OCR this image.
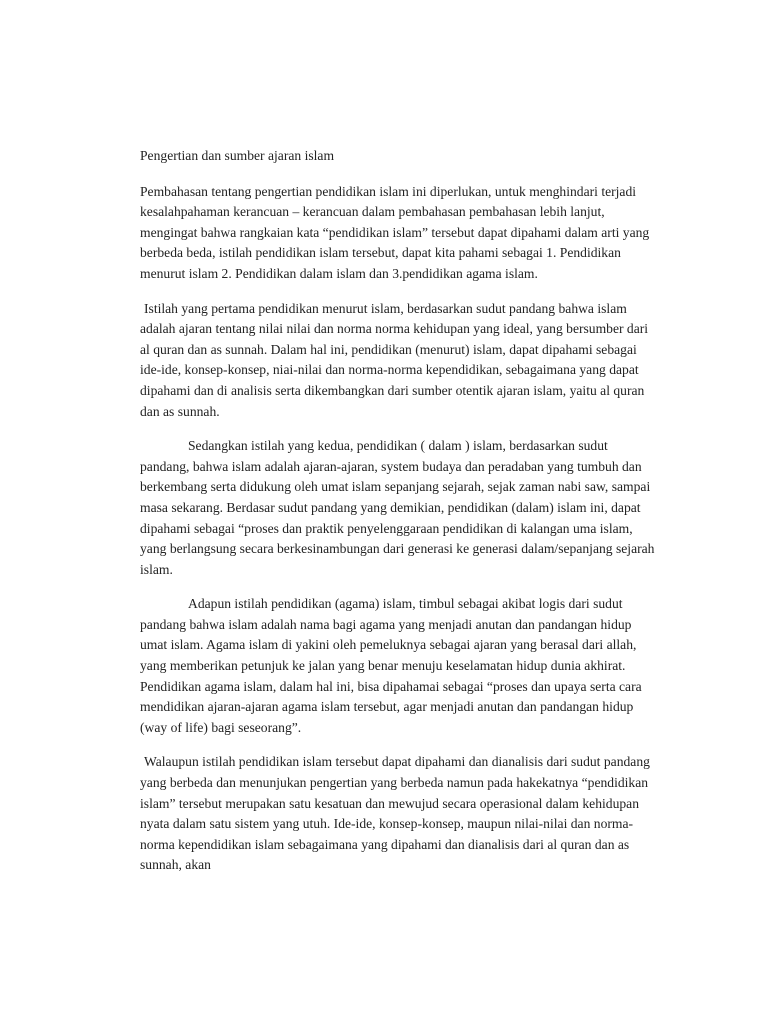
Pengertian dan sumber ajaran islam

Pembahasan tentang pengertian pendidikan islam ini diperlukan, untuk menghindari terjadi kesalahpahaman kerancuan – kerancuan dalam pembahasan pembahasan lebih lanjut, mengingat bahwa rangkaian kata “pendidikan islam” tersebut dapat dipahami dalam arti yang berbeda beda, istilah pendidikan islam tersebut, dapat kita pahami sebagai 1. Pendidikan menurut islam 2. Pendidikan dalam islam dan 3.pendidikan agama islam.

Istilah yang pertama pendidikan menurut islam, berdasarkan sudut pandang bahwa islam adalah ajaran tentang nilai nilai dan norma norma kehidupan yang ideal, yang bersumber dari al quran dan as sunnah. Dalam hal ini, pendidikan (menurut) islam, dapat dipahami sebagai ide-ide, konsep-konsep, niai-nilai dan norma-norma kependidikan, sebagaimana yang dapat dipahami dan di analisis serta dikembangkan dari sumber otentik ajaran islam, yaitu al quran dan as sunnah.

Sedangkan istilah yang kedua, pendidikan ( dalam ) islam, berdasarkan sudut pandang, bahwa islam adalah ajaran-ajaran, system budaya dan peradaban yang tumbuh dan berkembang serta didukung oleh umat islam sepanjang sejarah, sejak zaman nabi saw, sampai masa sekarang. Berdasar sudut pandang yang demikian, pendidikan (dalam) islam ini, dapat dipahami sebagai “proses dan praktik penyelenggaraan pendidikan di kalangan uma islam, yang berlangsung secara berkesinambungan dari generasi ke generasi dalam/sepanjang sejarah islam.

Adapun istilah pendidikan (agama) islam, timbul sebagai akibat logis dari sudut pandang bahwa islam adalah nama bagi agama yang menjadi anutan dan pandangan hidup umat islam. Agama islam di yakini oleh pemeluknya sebagai ajaran yang berasal dari allah, yang memberikan petunjuk ke jalan yang benar menuju keselamatan hidup dunia akhirat. Pendidikan agama islam, dalam hal ini, bisa dipahamai sebagai “proses dan upaya serta cara mendidikan ajaran-ajaran agama islam tersebut, agar menjadi anutan dan pandangan hidup (way of life) bagi seseorang”.

Walaupun istilah pendidikan islam tersebut dapat dipahami dan dianalisis dari sudut pandang yang berbeda dan menunjukan pengertian yang berbeda namun pada hakekatnya “pendidikan islam” tersebut merupakan satu kesatuan dan mewujud secara operasional dalam kehidupan nyata dalam satu sistem yang utuh. Ide-ide, konsep-konsep, maupun nilai-nilai dan norma-norma kependidikan islam sebagaimana yang dipahami dan dianalisis dari al quran dan as sunnah, akan
